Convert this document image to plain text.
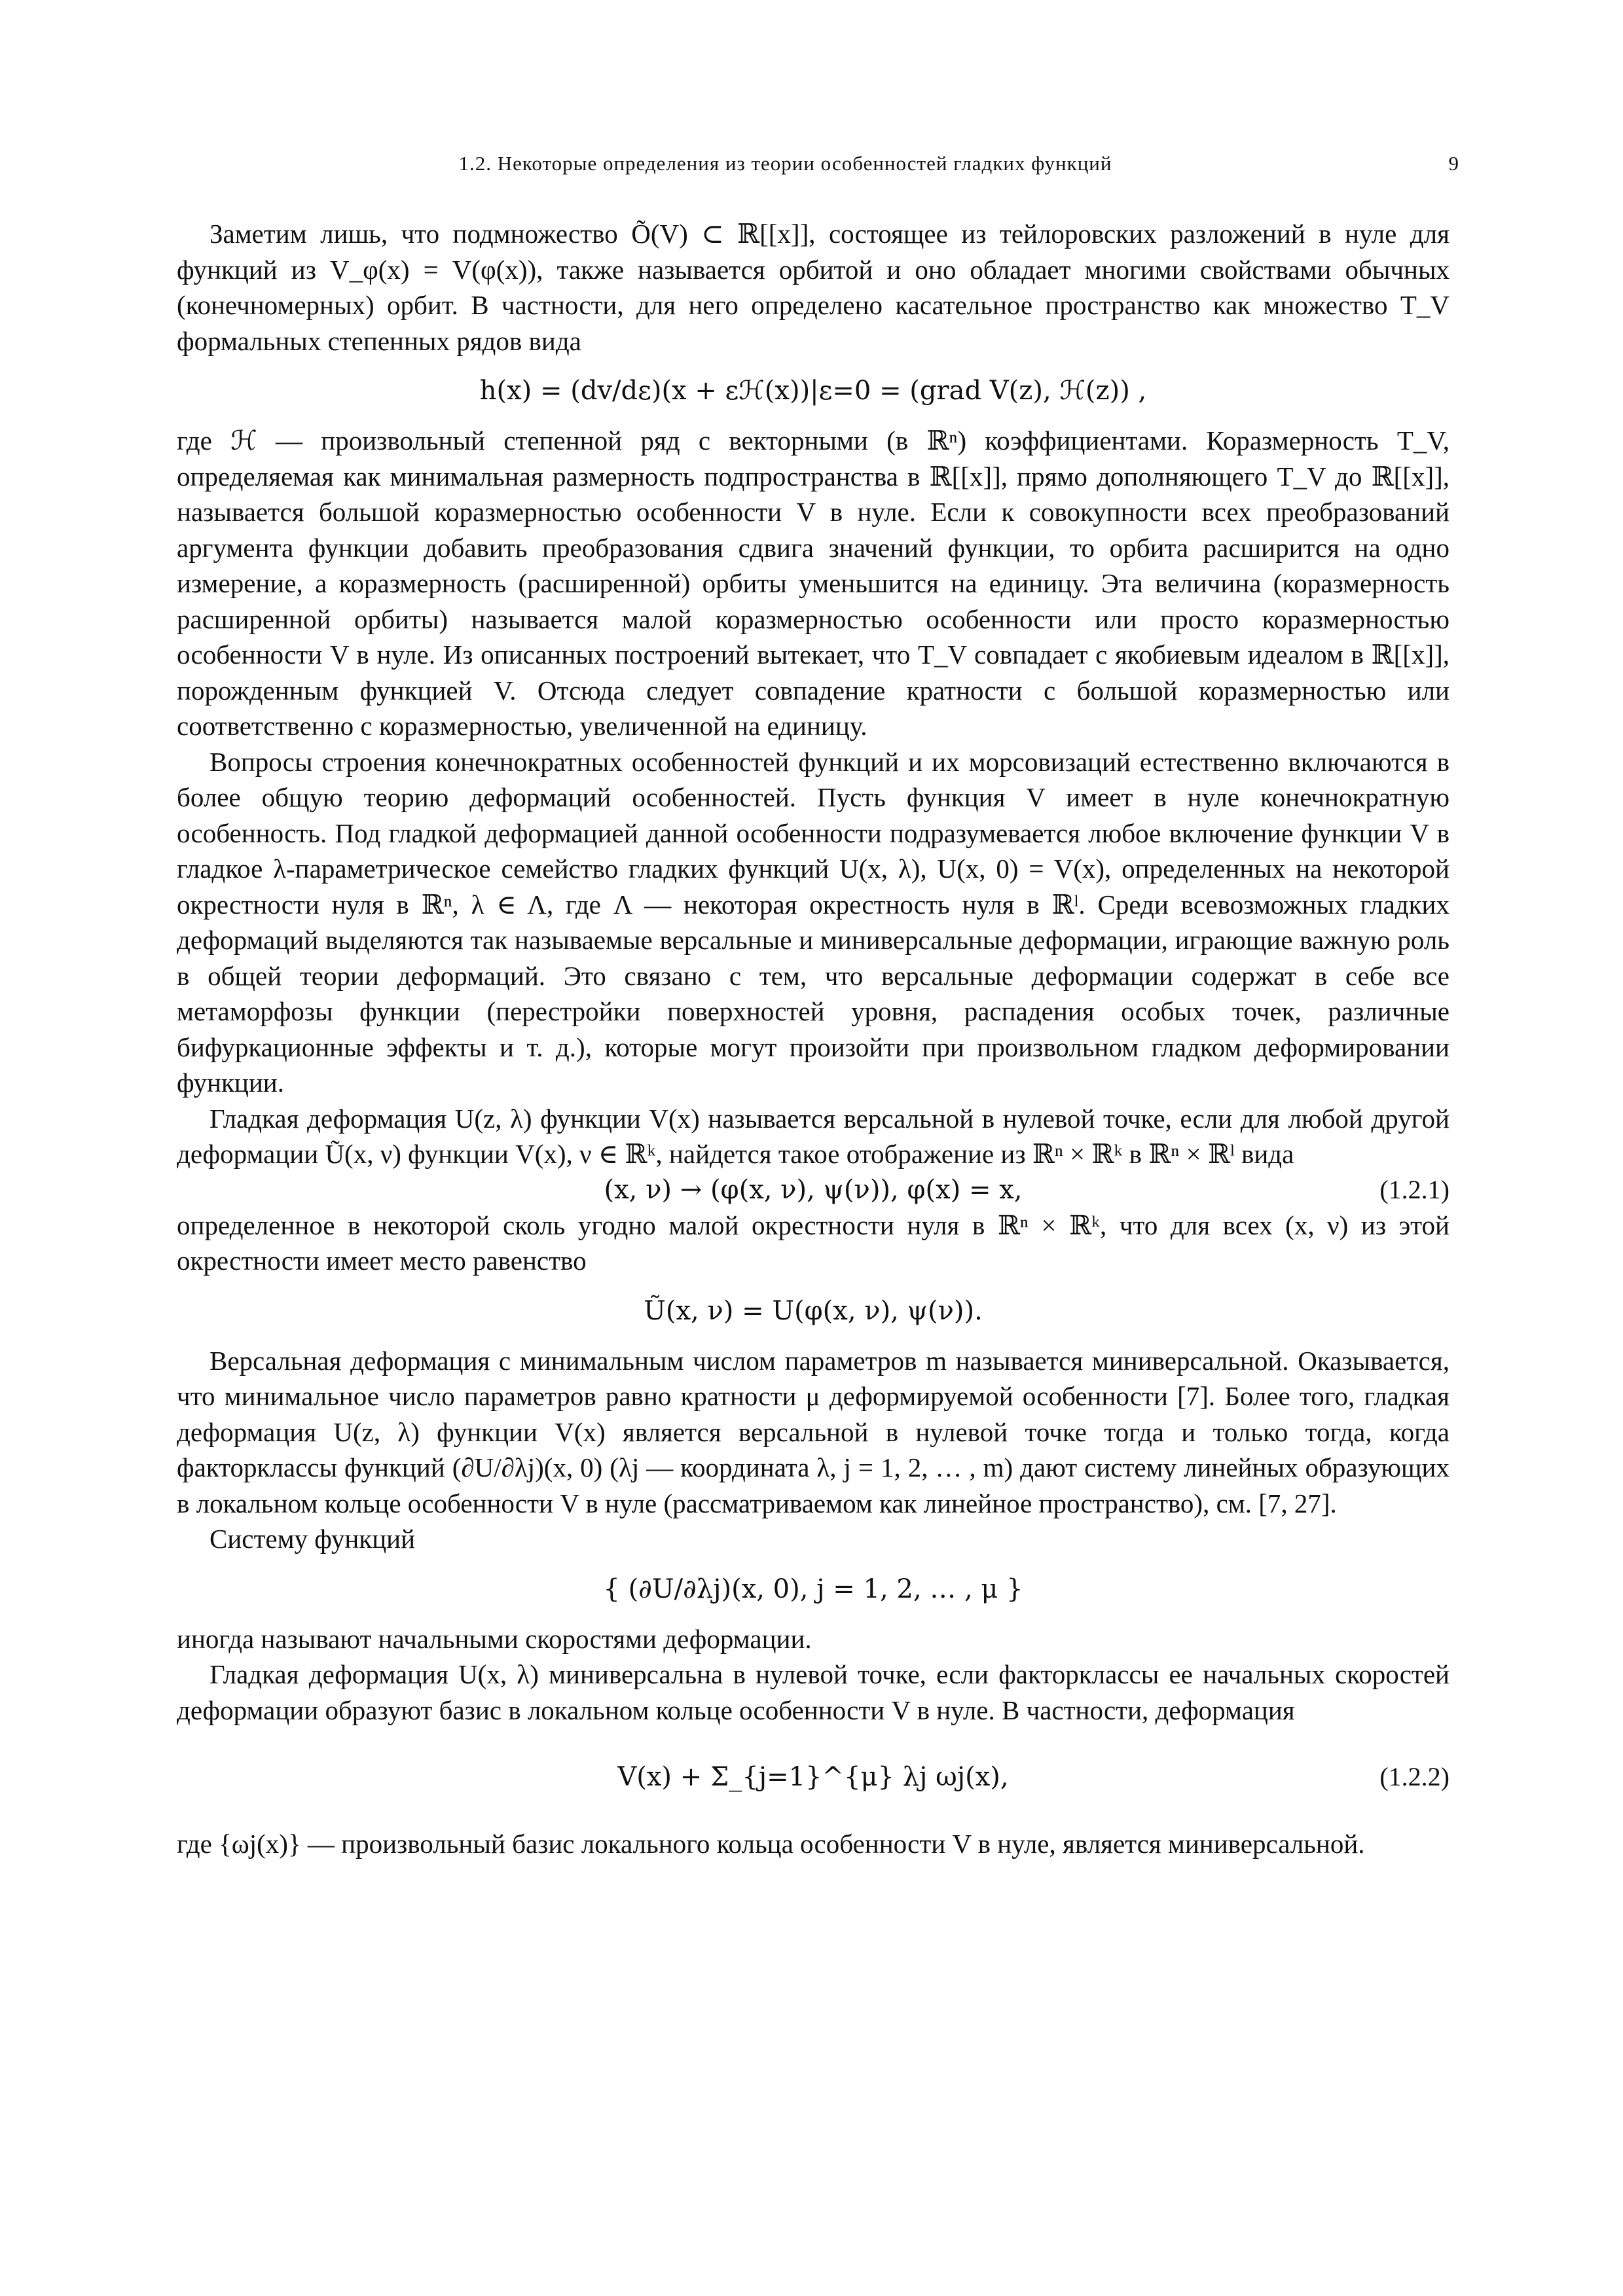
1.2. Некоторые определения из теории особенностей гладких функций	9

Заметим лишь, что подмножество Õ(V) ⊂ ℝ[[x]], состоящее из тейлоровских разложений в нуле для функций из V_φ(x) = V(φ(x)), также называется орбитой и оно обладает многими свойствами обычных (конечномерных) орбит. В частности, для него определено касательное пространство как множество T_V формальных степенных рядов вида

h(x) = (dv/dε)(x + εℋ(x))|ε=0 = (grad V(z), ℋ(z)) ,

где ℋ — произвольный степенной ряд с векторными (в ℝⁿ) коэффициентами. Коразмерность T_V, определяемая как минимальная размерность подпространства в ℝ[[x]], прямо дополняющего T_V до ℝ[[x]], называется большой коразмерностью особенности V в нуле. Если к совокупности всех преобразований аргумента функции добавить преобразования сдвига значений функции, то орбита расширится на одно измерение, а коразмерность (расширенной) орбиты уменьшится на единицу. Эта величина (коразмерность расширенной орбиты) называется малой коразмерностью особенности или просто коразмерностью особенности V в нуле. Из описанных построений вытекает, что T_V совпадает с якобиевым идеалом в ℝ[[x]], порожденным функцией V. Отсюда следует совпадение кратности с большой коразмерностью или соответственно с коразмерностью, увеличенной на единицу.

Вопросы строения конечнократных особенностей функций и их морсовизаций естественно включаются в более общую теорию деформаций особенностей. Пусть функция V имеет в нуле конечнократную особенность. Под гладкой деформацией данной особенности подразумевается любое включение функции V в гладкое λ-параметрическое семейство гладких функций U(x, λ), U(x, 0) = V(x), определенных на некоторой окрестности нуля в ℝⁿ, λ ∈ Λ, где Λ — некоторая окрестность нуля в ℝˡ. Среди всевозможных гладких деформаций выделяются так называемые версальные и миниверсальные деформации, играющие важную роль в общей теории деформаций. Это связано с тем, что версальные деформации содержат в себе все метаморфозы функции (перестройки поверхностей уровня, распадения особых точек, различные бифуркационные эффекты и т. д.), которые могут произойти при произвольном гладком деформировании функции.

Гладкая деформация U(z, λ) функции V(x) называется версальной в нулевой точке, если для любой другой деформации Ũ(x, ν) функции V(x), ν ∈ ℝᵏ, найдется такое отображение из ℝⁿ × ℝᵏ в ℝⁿ × ℝˡ вида

(x, ν) → (φ(x, ν), ψ(ν)), φ(x) = x,	(1.2.1)

определенное в некоторой сколь угодно малой окрестности нуля в ℝⁿ × ℝᵏ, что для всех (x, ν) из этой окрестности имеет место равенство

Ũ(x, ν) = U(φ(x, ν), ψ(ν)).

Версальная деформация с минимальным числом параметров m называется миниверсальной. Оказывается, что минимальное число параметров равно кратности μ деформируемой особенности [7]. Более того, гладкая деформация U(z, λ) функции V(x) является версальной в нулевой точке тогда и только тогда, когда факторклассы функций (∂U/∂λj)(x, 0) (λj — координата λ, j = 1, 2, … , m) дают систему линейных образующих в локальном кольце особенности V в нуле (рассматриваемом как линейное пространство), см. [7, 27].

Систему функций

{ (∂U/∂λj)(x, 0), j = 1, 2, … , μ }

иногда называют начальными скоростями деформации.

Гладкая деформация U(x, λ) миниверсальна в нулевой точке, если факторклассы ее начальных скоростей деформации образуют базис в локальном кольце особенности V в нуле. В частности, деформация

V(x) + Σ_{j=1}^{μ} λj ωj(x),	(1.2.2)

где {ωj(x)} — произвольный базис локального кольца особенности V в нуле, является миниверсальной.
